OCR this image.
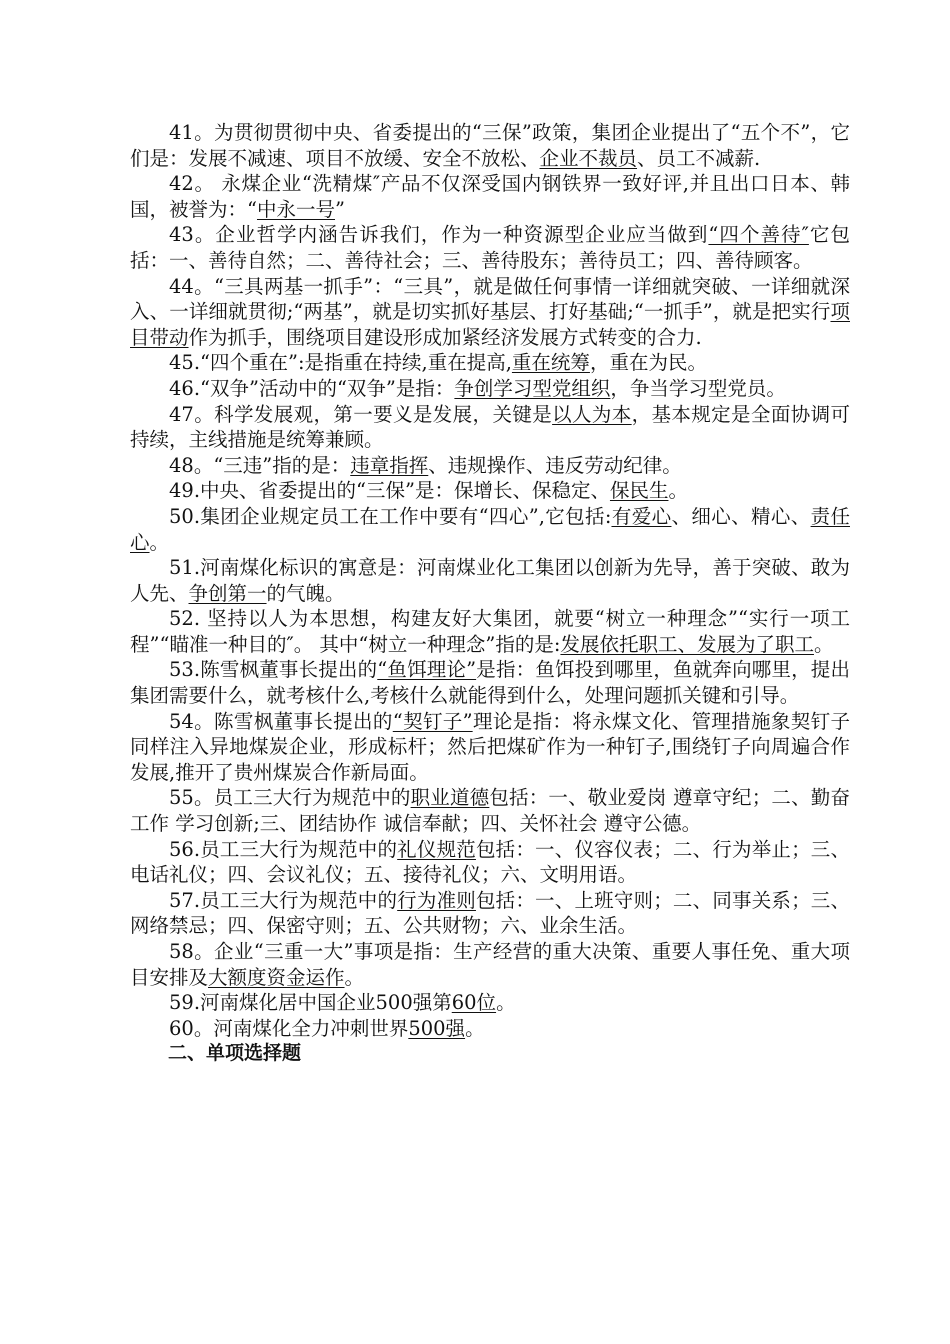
41。为贯彻贯彻中央、省委提出的“三保”政策，集团企业提出了“五个不”，它们是：发展不减速、项目不放缓、安全不放松、企业不裁员、员工不减薪.

42。 永煤企业“洗精煤″产品不仅深受国内钢铁界一致好评,并且出口日本、韩国，被誉为：“中永一号”

43。企业哲学内涵告诉我们，作为一种资源型企业应当做到“四个善待″它包括：一、善待自然；二、善待社会；三、善待股东；善待员工；四、善待顾客。

44。“三具两基一抓手”：“三具”，就是做任何事情一详细就突破、一详细就深入、一详细就贯彻;“两基”，就是切实抓好基层、打好基础;“一抓手”，就是把实行项目带动作为抓手，围绕项目建设形成加紧经济发展方式转变的合力.

45.“四个重在”:是指重在持续,重在提高,重在统筹，重在为民。

46.“双争”活动中的“双争”是指：争创学习型党组织，争当学习型党员。

47。科学发展观，第一要义是发展，关键是以人为本，基本规定是全面协调可持续，主线措施是统筹兼顾。

48。“三违”指的是：违章指挥、违规操作、违反劳动纪律。

49.中央、省委提出的“三保”是：保增长、保稳定、保民生。

50.集团企业规定员工在工作中要有“四心”,它包括:有爱心、细心、精心、责任心。

51.河南煤化标识的寓意是：河南煤业化工集团以创新为先导，善于突破、敢为人先、争创第一的气魄。

52. 坚持以人为本思想，构建友好大集团，就要“树立一种理念”“实行一项工程”“瞄准一种目的″。 其中“树立一种理念”指的是:发展依托职工、发展为了职工。

53.陈雪枫董事长提出的“鱼饵理论”是指：鱼饵投到哪里，鱼就奔向哪里，提出集团需要什么，就考核什么,考核什么就能得到什么，处理问题抓关键和引导。

54。陈雪枫董事长提出的“契钉子”理论是指：将永煤文化、管理措施象契钉子同样注入异地煤炭企业，形成标杆；然后把煤矿作为一种钉子,围绕钉子向周遍合作发展,推开了贵州煤炭合作新局面。

55。员工三大行为规范中的职业道德包括：一、敬业爱岗 遵章守纪；二、勤奋工作 学习创新;三、团结协作 诚信奉献；四、关怀社会 遵守公德。

56.员工三大行为规范中的礼仪规范包括：一、仪容仪表；二、行为举止；三、电话礼仪；四、会议礼仪；五、接待礼仪；六、文明用语。

57.员工三大行为规范中的行为准则包括：一、上班守则；二、同事关系；三、网络禁忌；四、保密守则；五、公共财物；六、业余生活。

58。企业“三重一大”事项是指：生产经营的重大决策、重要人事任免、重大项目安排及大额度资金运作。

59.河南煤化居中国企业500强第60位。

60。河南煤化全力冲刺世界500强。

二、单项选择题
